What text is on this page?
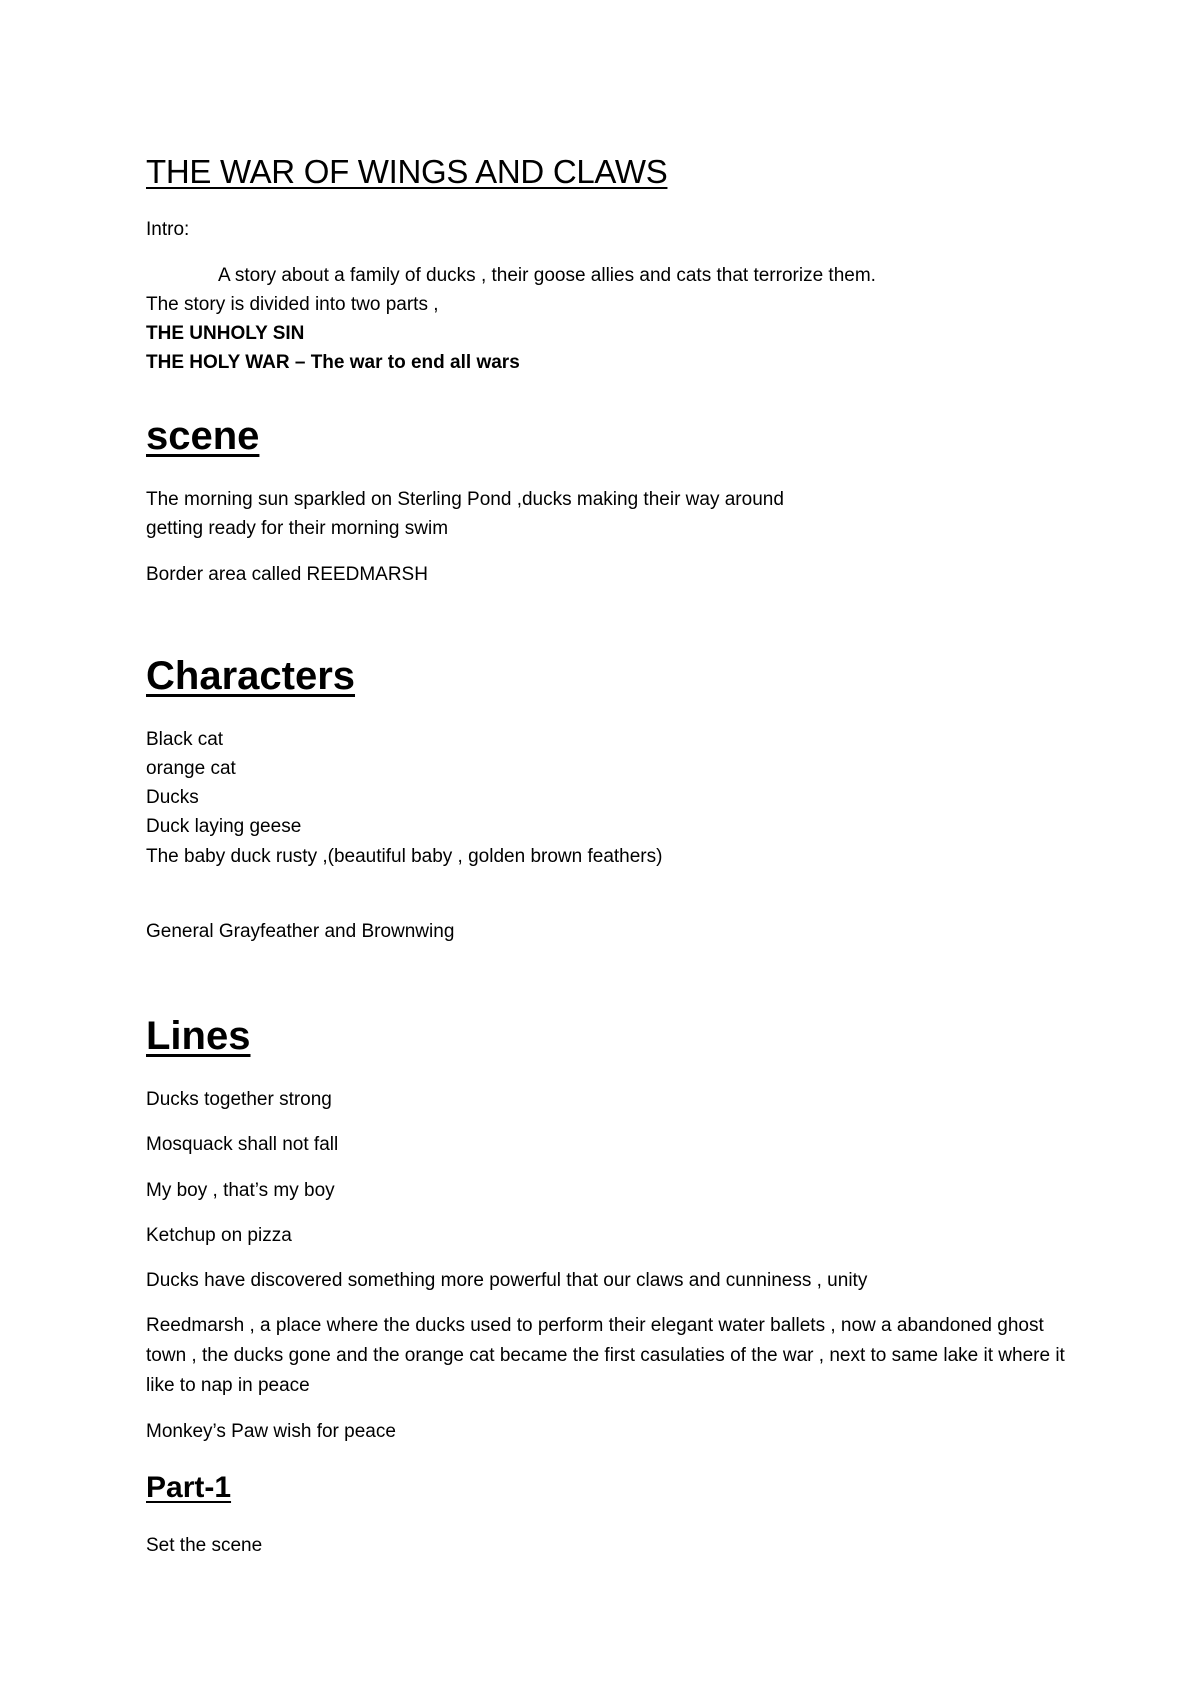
THE WAR OF WINGS AND CLAWS
Intro:
A story about a family of ducks , their goose allies and cats that terrorize them.
The story is divided into two parts ,
THE UNHOLY SIN
THE HOLY WAR – The war to end all wars
scene
The morning sun sparkled on Sterling Pond ,ducks making their way around
getting ready for their morning swim
Border area called REEDMARSH
Characters
Black cat
orange cat
Ducks
Duck laying geese
The baby duck rusty ,(beautiful baby , golden brown feathers)
General Grayfeather and Brownwing
Lines
Ducks together strong
Mosquack shall not fall
My boy , that’s my boy
Ketchup on pizza
Ducks have discovered something more powerful that our claws and cunniness , unity
Reedmarsh , a place where the ducks used to perform their elegant water ballets , now a abandoned ghost town , the ducks gone and the orange cat became the first casulaties of the war , next to same lake it where it like to nap in peace
Monkey’s Paw wish for peace
Part-1
Set the scene
